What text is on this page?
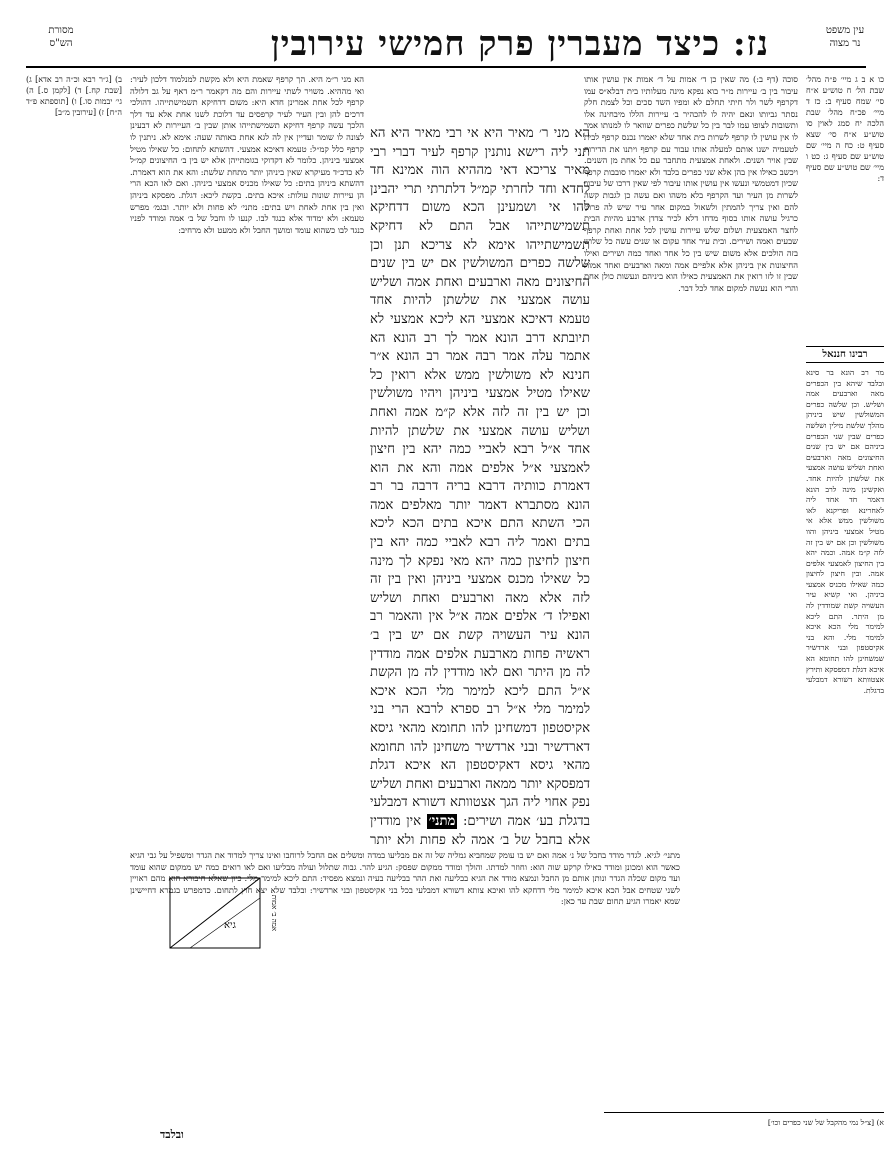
עין משפט
נר מצוה
נז: כיצד מעברין פרק חמישי עירובין
מסורת
הש"ס
כו א ב ג מיי׳ פ״ה מהל׳ שבת הל׳ ח טוש״ע א״ח סי׳ שמח סעיף ב: כז ד מיי׳ פכ״ח מהל׳ שבת הלכה יח סמג לאוין סו טוש״ע א״ח סי׳ שצא סעיף ט: כח ה מיי׳ שם טוש״ע שם סעיף ג: כט ו מיי׳ שם טוש״ע שם סעיף ד:
רבינו חננאל
מר רב הונא בר סינא ובלבד שיהא בין הכפרים מאה וארבעים אמה ושליש. וכן שלשה כפרים המשולשין שיש ביניהן מהלך שלשת מילין ושלשה כפרים שבין שני הכפרים ביניהם אם יש בין שנים החיצונים מאה וארבעים ואחת ושליש עושה אמצעי את שלשתן להיות אחד. ואקשינן מינה לרב הונא דאמר חד אחד ליה לאחרינא ופריקנא לאו משולשין ממש אלא אי מטיל אמצעי ביניהן והוו משולשין וכן אם יש בין זה לזה ק״מ אמה. וכמה יהא בין החיצון לאמצעי אלפים אמה. ובין חיצון לחיצון כמה שאילו מכניס אמצעי ביניהן. ואי קשיא עיר העשויה קשת שמודדין לה מן היתר. התם ליכא למימר מלי הכא איכא למימר מלי. והא בני אקיסטפון ובני ארדשיר שמשחינן להו תחומא הא איכא דגלת דמפסקא ותירץ אצטוותא דשורא דמבלעי בדגלת.
סוכה (דף ב:) מה שאין כן ד׳ אמות על ד׳ אמות אין עושין אותו עיבור בין ב׳ עיירות מ״ר בוא נפקא מינה מעלותיו בית דבלא״ס עמו דקרפף לשר ולר חיתי תחלם לא ומפיו השד סכים וכל לצמת חלק נסתר גביותו ונאם יהיה לו להכהיר ב׳ עיירות הללו מיבחינה אלו ותשובות לצופו עמו לבר בין כל שלשת כפרים שוואר לו למנותו אמר לו אין עושין לו קרפף לשרות בית אחד שלא יאמרו נכנס קרפף לבית לטעמיה ישנו אותם למעלה אותו עבור עם קרפף ויתנו את הדירות שבין אויר ושנים. ולאחת אמצעית מתחבר עם כל אחת מן השנים. ויכשב כאילו אין בהן אלא שני כפרים בלבד ולא יאמרו סובבות קרפף שכיון דמטמשי ונעשו אין עושין אותו עיבור לפי שאין דרכו של עיבור לשרות מן העיר ועד הקרפף בלא משהו ואם עשה כן לגבות קשה להם ואין צריך להמתין ולשאול במקום אחר עיר שיש לה פרוט כרגיל עושה אותו בסוף מדחו דלא לכיר צדדן ארבע מהיות הבית לחצר האמצעית ושלום שלש עיירות עושין לכל אחת ואחת קרפף שבעים ואמה ושירים. ובית עיר אחד עקום או שנים עשה כל שלוש בזה הולכים אלא משום שיש בין כל אחד ואחד כמה ושירים ואילו החיצונות אין ביניהן אלא אלפיים אמה ומאה וארבעים ואחד אמות שבין זו לזו רואין את האמצעית כאילו הוא ביניהם ונעשות כולן אחת והרי הוא נעשה למקום אחד לכל דבר.
הא מני ר׳ מאיר היא אי רבי מאיר היא הא תני ליה רישא נותנין קרפף לעיר דברי רבי מאיר צריכא דאי מההיא הוה אמינא חד לחדא וחד לחרתי קמ״ל דלתרתי תרי יהבינן להו אי ושמעינן הכא משום דדחיקא תשמישתייהו אבל התם לא דחיקא תשמישתייהו אימא לא צריכא תנן וכן שלשה כפרים המשולשין אם יש בין שנים החיצונים מאה וארבעים ואחת אמה ושליש עושה אמצעי את שלשתן להיות אחד טעמא דאיכא אמצעי הא ליכא אמצעי לא תיובתא דרב הונא אמר לך רב הונא הא אתמר עלה אמר רבה אמר רב הונא א״ר חנינא לא משולשין ממש אלא רואין כל שאילו מטיל אמצעי ביניהן ויהיו משולשין וכן יש בין זה לזה אלא ק״מ אמה ואחת ושליש עושה אמצעי את שלשתן להיות אחד א״ל רבא לאביי כמה יהא בין חיצון לאמצעי א״ל אלפים אמה והא את הוא דאמרת כוותיה דרבא בריה דרבה בר רב הונא מסתברא דאמר יותר מאלפים אמה הכי השתא התם איכא בתים הכא ליכא בתים ואמר ליה רבא לאביי כמה יהא בין חיצון לחיצון כמה יהא מאי נפקא לך מינה כל שאילו מכנס אמצעי ביניהן ואין בין זה לזה אלא מאה וארבעים ואחת ושליש ואפילו ד׳ אלפים אמה א״ל אין והאמר רב הונא עיר העשויה קשת אם יש בין ב׳ ראשיה פחות מארבעת אלפים אמה מודדין לה מן היתר ואם לאו מודדין לה מן הקשת א״ל התם ליכא למימר מלי הכא איכא למימר מלי א״ל רב ספרא לרבא הרי בני אקיסטפון דמשחינן להו תחומא מהאי גיסא דארדשיר ובני ארדשיר משחינן להו תחומא מהאי גיסא דאקיסטפון הא איכא דגלת דמפסקא יותר ממאה וארבעים ואחת ושליש נפק אחוי ליה הגך אצטוותא דשורא דמבלעי בדגלת בע׳ אמה ושירים: מתני׳ אין מודדין אלא בחבל של ב׳ אמה לא פחות ולא יותר
הא מני ר״מ היא. הך קרפף שאמת היא ולא מקשת למנלמוד דלכון לעיר: ואי מההיא. משויר לשתי עיירות והם מה דקאמר ר״מ דאף על גב דלולה קרפף לכל אחת אמרינן חדא היא: משום דדחיקא תשמישתייהו. דהולכי דרכים להן ובין העיר לעיר קרפסים עד דלוכת לשנו אחת אלא עד דלך הלכך עשה קרפף דחיקא תשמישתייהו אותן שבין ב׳ העיירות לא דבעינן לצונה לו שומר ועדיין אין לה לגא אחת באותה שעה: אימא לא. ניתנין לו קרפף כלל קמ״ל: טעמא דאיכא אמצעי. דהשתא לתחום: כל שאילו מטיל אמצעי ביניהן. כלומר לא דקדוקי בגומתייהן אלא יש בין ב׳ החיצונים קמ״ל לא כדכ״ד מעיקרא שאין ביניהן יותר מתחת שלשת: והא את הוא דאמרת. דהשתא ביניהן בתים: כל שאילו מכניס אמצעי ביניהן. ואם לאו הכא הרי הן עיירות שונות עולות: איכא בתים. בקשת ליכא: דגלת. מפסקא ביניהן ואין בין אחת לאחת ויש בתים: מתני׳ לא פחות ולא יותר. ובגמ׳ מפרש טעמא: ולא ימדוד אלא כנגד לבו. קנעו לו וחבל של ב׳ אמה ומודד לפניו כנגד לבו כשהוא עומד ומושך החבל ולא ממעט ולא מרחיב:
ב) [ג״ר רבא וכ״ה רב אדא] ג) [שבת קח.] ד) [לקמן ס.] ה) גי׳ יבמות סו.] ו) [תוספתא פ״ד ה״ח] ז) [עירובין מ״ב]
מתני׳ לגיא. לגדר מודד בחבל של נ׳ אמה ואם יש בו עומק שמחביא גמליה של זה אם מבליעו במדה ומשלים אם החבל לרוחבו ואינו צריך למדוד את הגדר ומשפיל על גבי הגיא כאשר הוא ומכונן ומודד כאילו קרקע שוה הוא: וחוזר למדתו. והולך ומודד ממקום שפסק: הגיע להר. גבוה שתלול ועולה מבליעו ואם לאו רואים כמה יש ממקום שהוא עומד ועד מקום שכלה הגדר ונותן אותם מן החבל ונמצא מודד את הגיא בבליעה ואת ההר בבליעה בעיה ונמצא מפסיד: התם ליכא למימר מלי. כיון שאלא חיבורא הוא מהם ראויין לשני שטחים אבל הכא איכא למימר מלי דדחקא להו ואיכא צותא דשורא דמבלעי בכל בני אקיסטפון ובני ארדשיר: ובלבד שלא יצא חוץ לתחום. כדמפרש בגמרא דחיישינן שמא יאמרו הגיע תחום שבת עד כאן:
גיא	אמה ב׳ אמות
א) [צ״ל נמי מהקבל של שני כפרים וכו׳]
ובלבד
